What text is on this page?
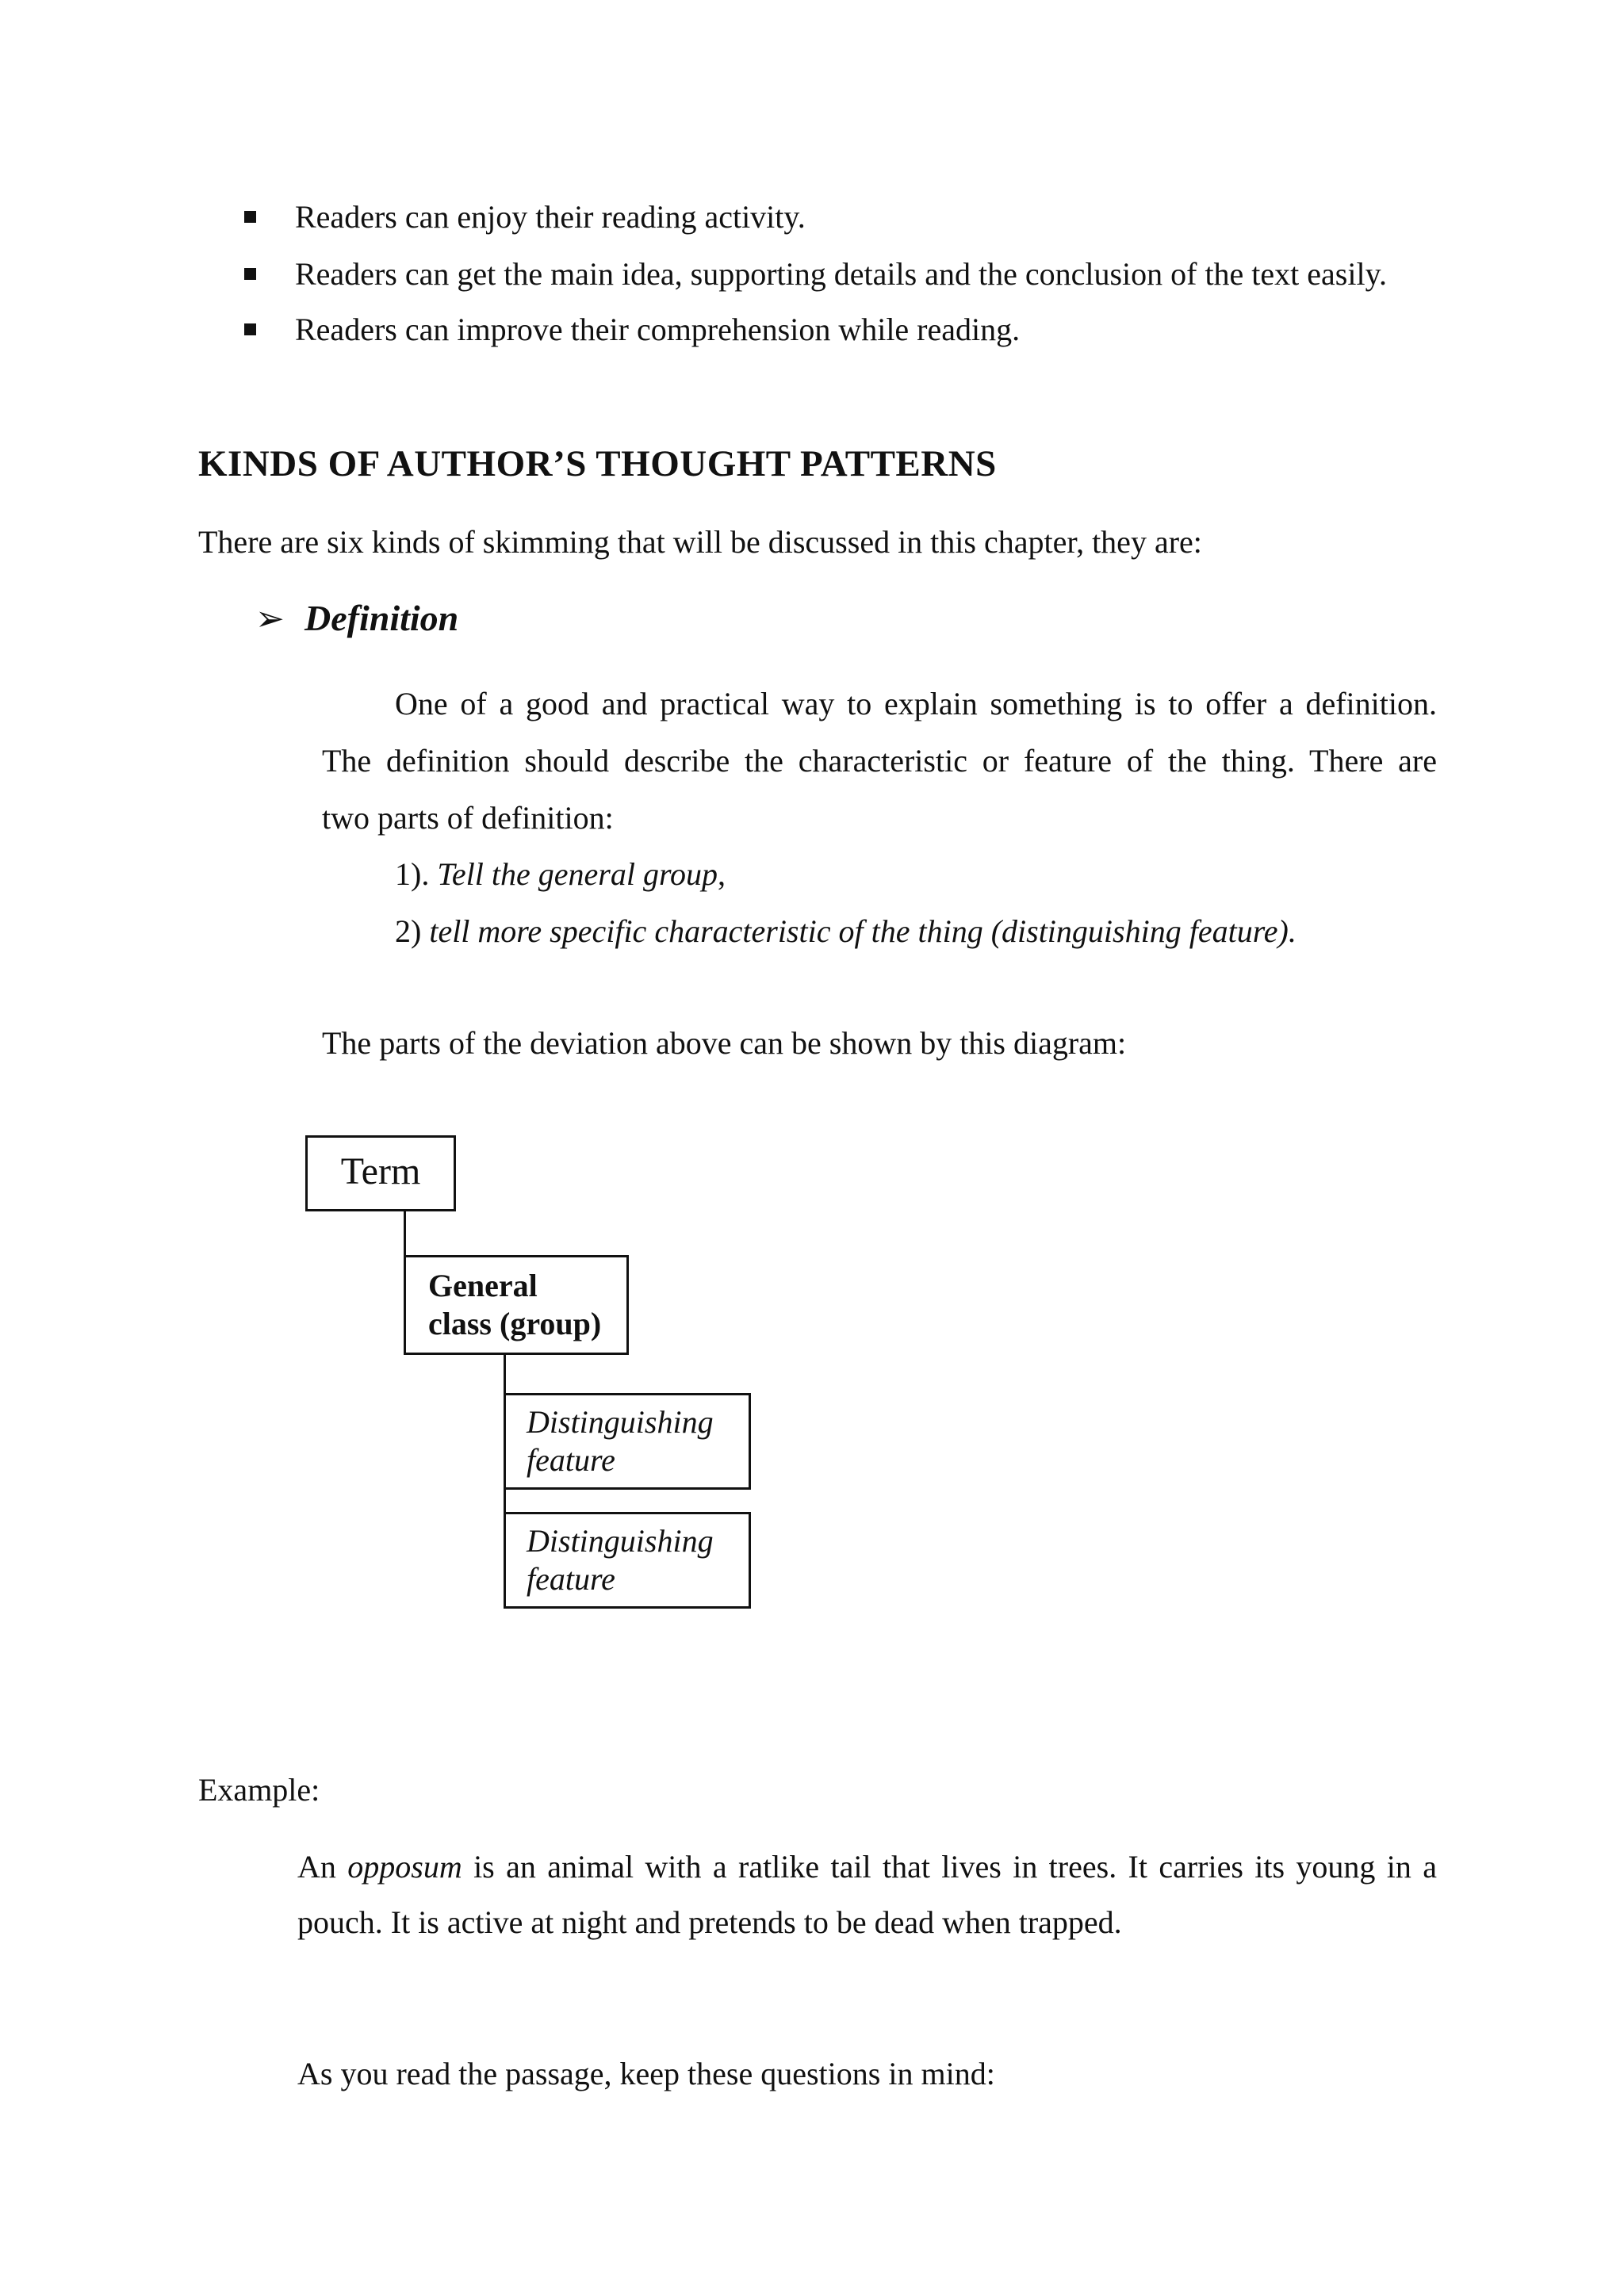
Readers can enjoy their reading activity.
Readers can get the main idea, supporting details and the conclusion of the text easily.
Readers can improve their comprehension while reading.
KINDS OF AUTHOR’S THOUGHT PATTERNS
There are six kinds of skimming that will be discussed in this chapter, they are:
➢ Definition
One of a good and practical way to explain something is to offer a definition.
The definition should describe the characteristic or feature of the thing. There are
two parts of definition:
1). Tell the general group,
2) tell more specific characteristic of the thing (distinguishing feature).
The parts of the deviation above can be shown by this diagram:
Term
General
class (group)
Distinguishing
feature
Distinguishing
feature
Example:
An opposum is an animal with a ratlike tail that lives in trees. It carries its young in a
pouch. It is active at night and pretends to be dead when trapped.
As you read the passage, keep these questions in mind:
